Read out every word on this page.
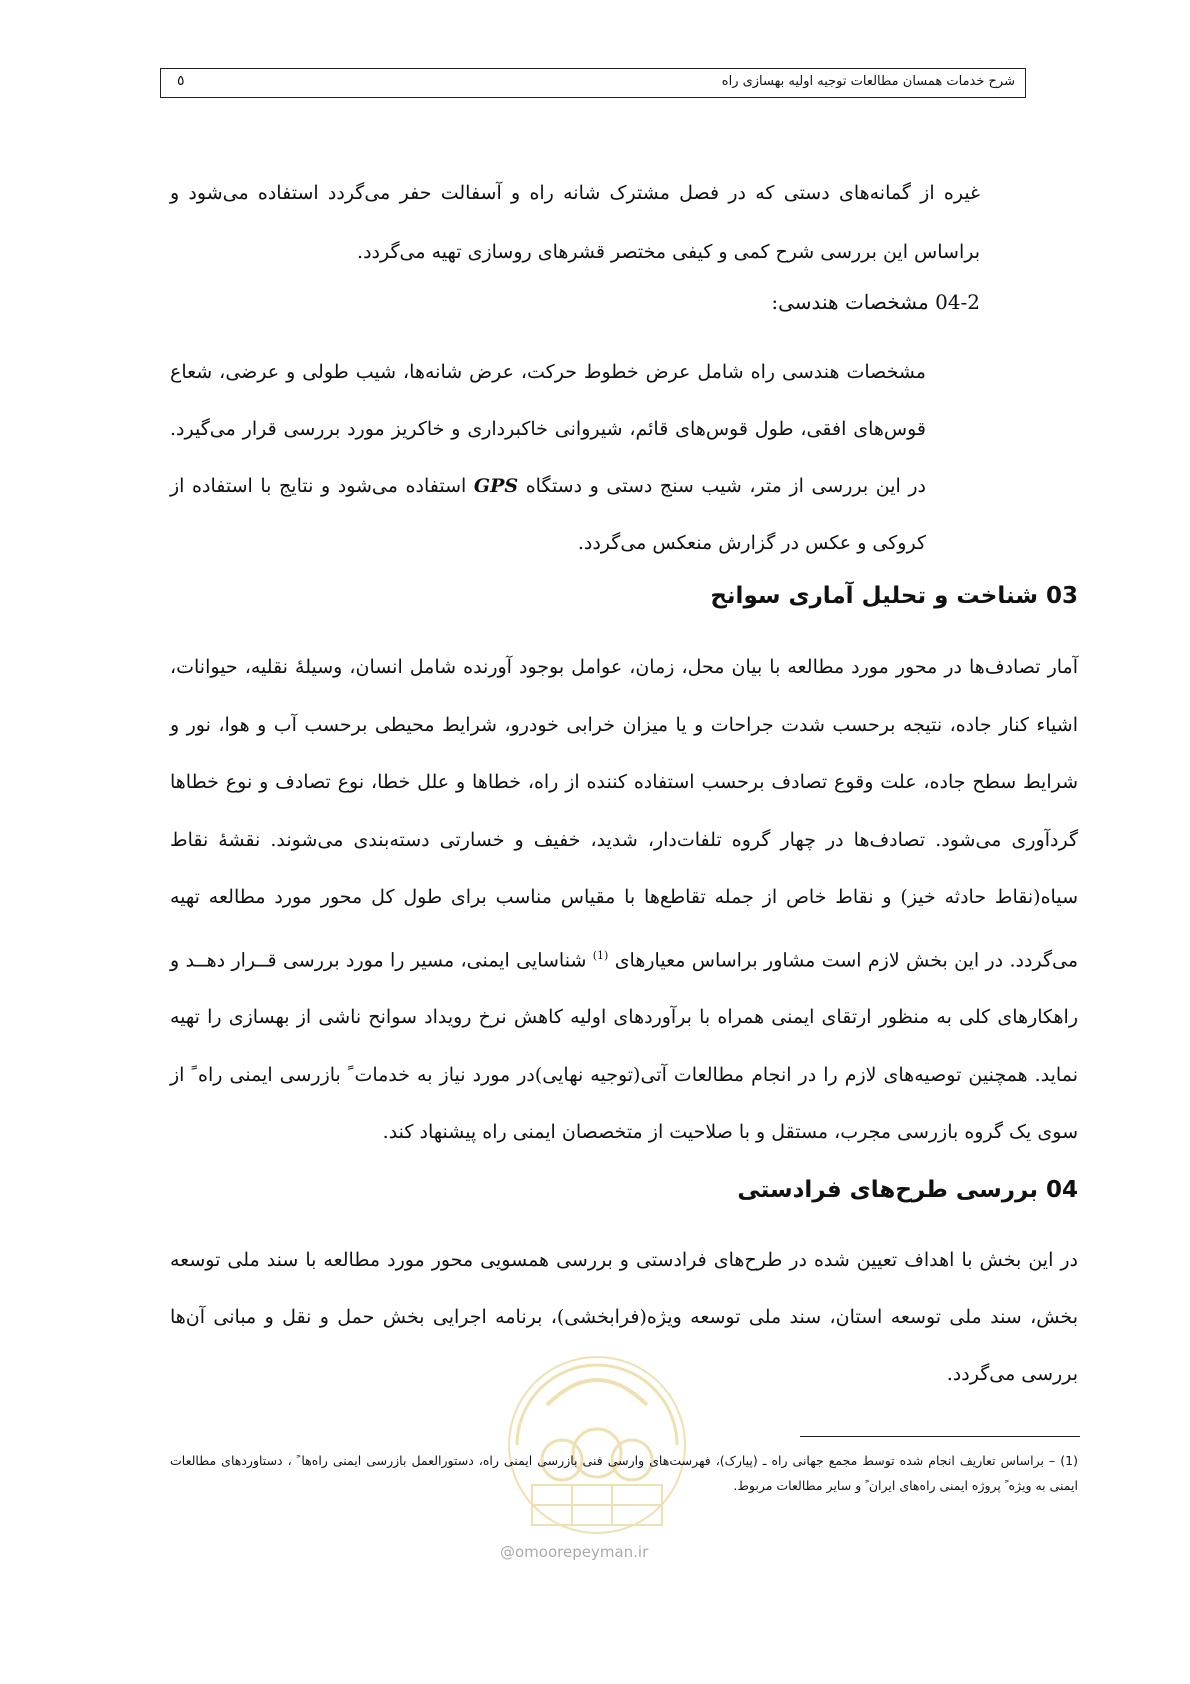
شرح خدمات همسان مطالعات توجیه اولیه بهسازی راه
٥
غیره از گمانه‌های دستی که در فصل مشترک شانه راه و آسفالت حفر می‌گردد استفاده می‌شود و براساس این بررسی شرح کمی و کیفی مختصر قشرهای روسازی تهیه می‌گردد.
04-2 مشخصات هندسی:
مشخصات هندسی راه شامل عرض خطوط حرکت، عرض شانه‌ها، شیب طولی و عرضی، شعاع قوس‌های افقی، طول قوس‌های قائم، شیروانی خاکبرداری و خاکریز مورد بررسی قرار می‌گیرد. در این بررسی از متر، شیب سنج دستی و دستگاه GPS استفاده می‌شود و نتایج با استفاده از کروکی و عکس در گزارش منعکس می‌گردد.
03 شناخت و تحلیل آماری سوانح
آمار تصادف‌ها در محور مورد مطالعه با بیان محل، زمان، عوامل بوجود آورنده شامل انسان، وسیلهٔ نقلیه، حیوانات، اشیاء کنار جاده، نتیجه برحسب شدت جراحات و یا میزان خرابی خودرو، شرایط محیطی برحسب آب و هوا، نور و شرایط سطح جاده، علت وقوع تصادف برحسب استفاده کننده از راه، خطاها و علل خطا، نوع تصادف و نوع خطاها گردآوری می‌شود. تصادف‌ها در چهار گروه تلفات‌دار، شدید، خفیف و خسارتی دسته‌بندی می‌شوند. نقشهٔ نقاط سیاه(نقاط حادثه خیز) و نقاط خاص از جمله تقاطع‌ها با مقیاس مناسب برای طول کل محور مورد مطالعه تهیه می‌گردد. در این بخش لازم است مشاور براساس معیارهای $^{(1)}$ شناسایی ایمنی، مسیر را مورد بررسی قــرار دهــد و راهکارهای کلی به منظور ارتقای ایمنی همراه با برآوردهای اولیه کاهش نرخ رویداد سوانح ناشی از بهسازی را تهیه نماید. همچنین توصیه‌های لازم را در انجام مطالعات آتی(توجیه نهایی)در مورد نیاز به خدمات ً بازرسی ایمنی راه ً از سوی یک گروه بازرسی مجرب، مستقل و با صلاحیت از متخصصان ایمنی راه پیشنهاد کند.
04 بررسی طرح‌های فرادستی
در این بخش با اهداف تعیین شده در طرح‌های فرادستی و بررسی همسویی محور مورد مطالعه با سند ملی توسعه بخش، سند ملی توسعه استان، سند ملی توسعه ویژه(فرابخشی)، برنامه اجرایی بخش حمل و نقل و مبانی آن‌ها بررسی می‌گردد.
@omoorepeyman.ir
(1) – براساس تعاریف انجام شده توسط مجمع جهانی راه ـ (پیارک)، فهرست‌های وارسی فنی بازرسی ایمنی راه، دستورالعمل بازرسی ایمنی راه‌ها ً ، دستاوردهای مطالعات ایمنی به ویژه ً پروژه ایمنی راه‌های ایران ً و سایر مطالعات مربوط.
